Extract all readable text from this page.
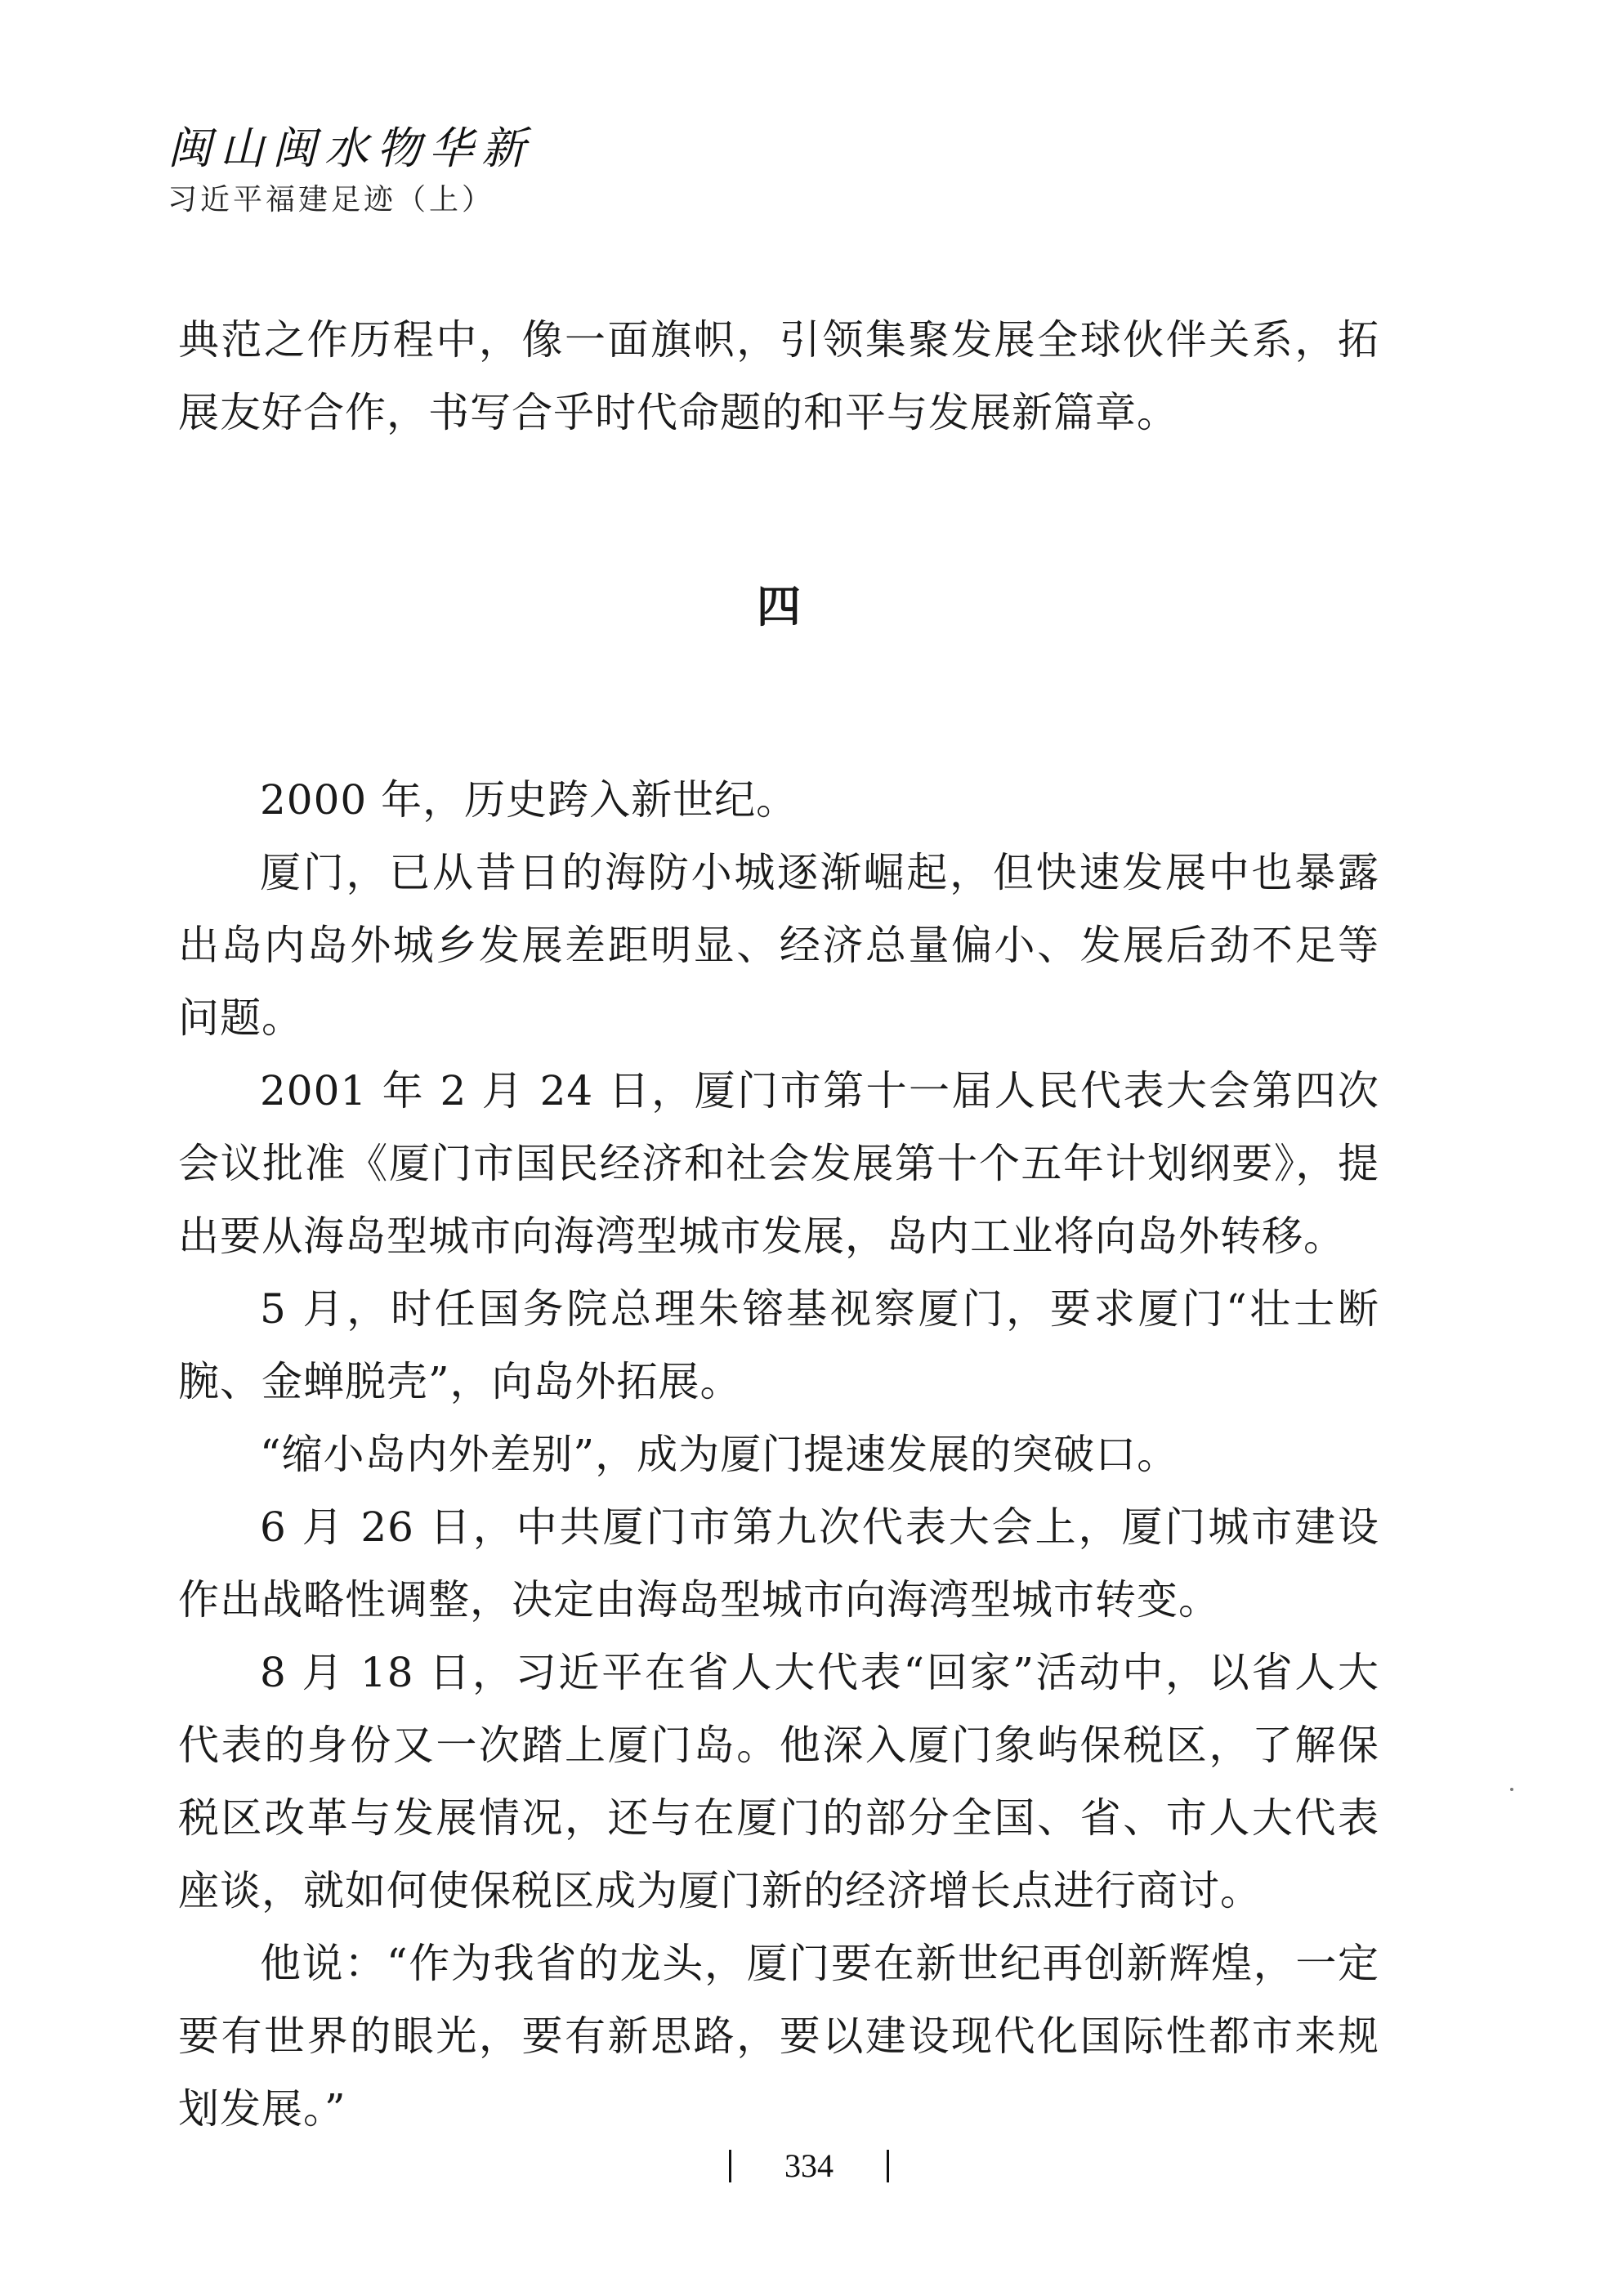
闽山闽水物华新
习近平福建足迹（上）

典范之作历程中，像一面旗帜，引领集聚发展全球伙伴关系，拓展友好合作，书写合乎时代命题的和平与发展新篇章。

四

2000 年，历史跨入新世纪。

厦门，已从昔日的海防小城逐渐崛起，但快速发展中也暴露出岛内岛外城乡发展差距明显、经济总量偏小、发展后劲不足等问题。

2001 年 2 月 24 日，厦门市第十一届人民代表大会第四次会议批准《厦门市国民经济和社会发展第十个五年计划纲要》，提出要从海岛型城市向海湾型城市发展，岛内工业将向岛外转移。

5 月，时任国务院总理朱镕基视察厦门，要求厦门“壮士断腕、金蝉脱壳”，向岛外拓展。

“缩小岛内外差别”，成为厦门提速发展的突破口。

6 月 26 日，中共厦门市第九次代表大会上，厦门城市建设作出战略性调整，决定由海岛型城市向海湾型城市转变。

8 月 18 日，习近平在省人大代表“回家”活动中，以省人大代表的身份又一次踏上厦门岛。他深入厦门象屿保税区，了解保税区改革与发展情况，还与在厦门的部分全国、省、市人大代表座谈，就如何使保税区成为厦门新的经济增长点进行商讨。

他说：“作为我省的龙头，厦门要在新世纪再创新辉煌，一定要有世界的眼光，要有新思路，要以建设现代化国际性都市来规划发展。”

334
